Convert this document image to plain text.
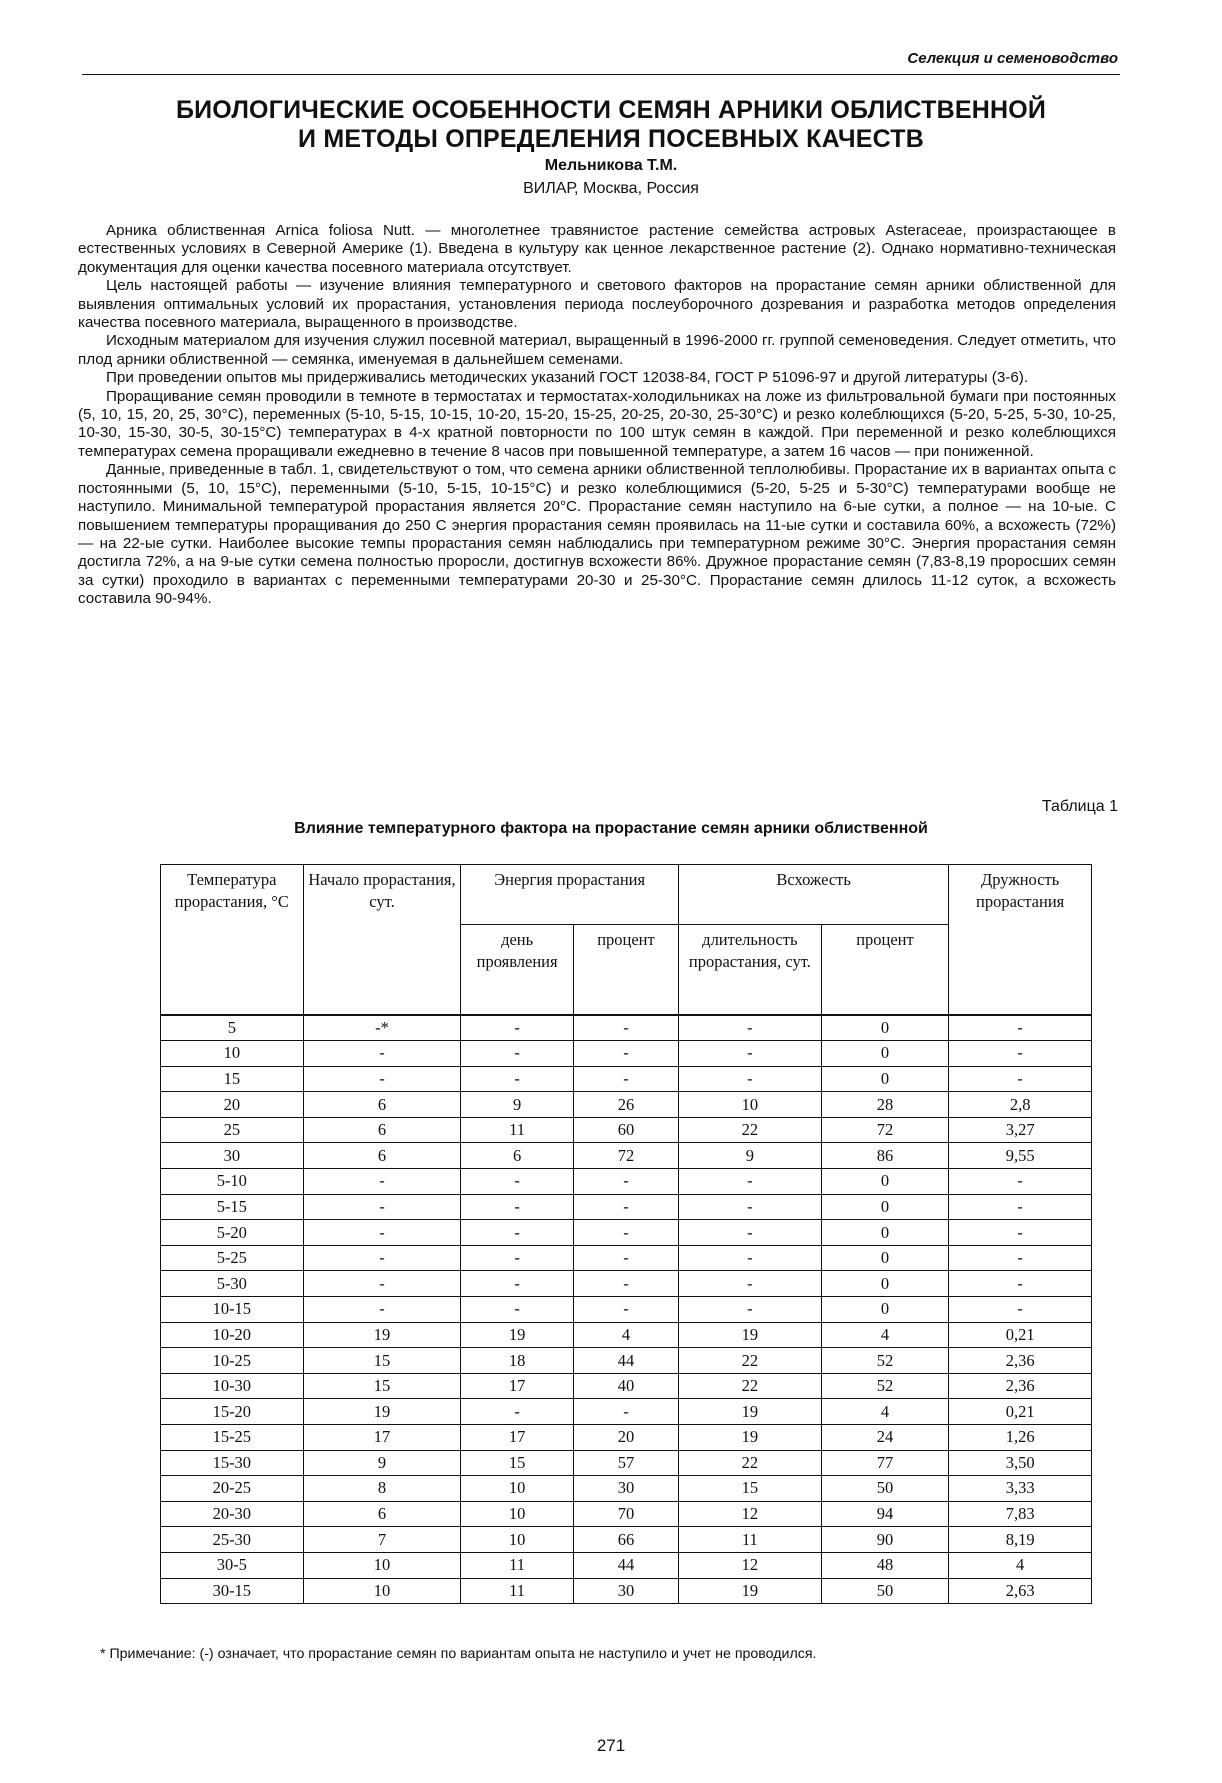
Селекция и семеноводство
БИОЛОГИЧЕСКИЕ ОСОБЕННОСТИ СЕМЯН АРНИКИ ОБЛИСТВЕННОЙ
И МЕТОДЫ ОПРЕДЕЛЕНИЯ ПОСЕВНЫХ КАЧЕСТВ
Мельникова Т.М.
ВИЛАР, Москва, Россия

Арника облиственная Arnica foliosa Nutt. — многолетнее травянистое растение семейства астровых Asteraceae, произрастающее в естественных условиях в Северной Америке (1). Введена в культуру как ценное лекарственное растение (2). Однако нормативно-техническая документация для оценки качества посевного материала отсутствует.

Цель настоящей работы — изучение влияния температурного и светового факторов на прорастание семян арники облиственной для выявления оптимальных условий их прорастания, установления периода послеуборочного дозревания и разработка методов определения качества посевного материала, выращенного в производстве.

Исходным материалом для изучения служил посевной материал, выращенный в 1996-2000 гг. группой семеноведения. Следует отметить, что плод арники облиственной — семянка, именуемая в дальнейшем семенами.

При проведении опытов мы придерживались методических указаний ГОСТ 12038-84, ГОСТ Р 51096-97 и другой литературы (3-6).

Проращивание семян проводили в темноте в термостатах и термостатах-холодильниках на ложе из фильтровальной бумаги при постоянных (5, 10, 15, 20, 25, 30°С), переменных (5-10, 5-15, 10-15, 10-20, 15-20, 15-25, 20-25, 20-30, 25-30°С) и резко колеблющихся (5-20, 5-25, 5-30, 10-25, 10-30, 15-30, 30-5, 30-15°С) температурах в 4-х кратной повторности по 100 штук семян в каждой. При переменной и резко колеблющихся температурах семена проращивали ежедневно в течение 8 часов при повышенной температуре, а затем 16 часов — при пониженной.

Данные, приведенные в табл. 1, свидетельствуют о том, что семена арники облиственной теплолюбивы. Прорастание их в вариантах опыта с постоянными (5, 10, 15°С), переменными (5-10, 5-15, 10-15°С) и резко колеблющимися (5-20, 5-25 и 5-30°С) температурами вообще не наступило. Минимальной температурой прорастания является 20°С. Прорастание семян наступило на 6-ые сутки, а полное — на 10-ые. С повышением температуры проращивания до 250 С энергия прорастания семян проявилась на 11-ые сутки и составила 60%, а всхожесть (72%) — на 22-ые сутки. Наиболее высокие темпы прорастания семян наблюдались при температурном режиме 30°С. Энергия прорастания семян достигла 72%, а на 9-ые сутки семена полностью проросли, достигнув всхожести 86%. Дружное прорастание семян (7,83-8,19 проросших семян за сутки) проходило в вариантах с переменными температурами 20-30 и 25-30°С. Прорастание семян длилось 11-12 суток, а всхожесть составила 90-94%.

Таблица 1
Влияние температурного фактора на прорастание семян арники облиственной
Температура прорастания, °С	Начало прорастания, сут.	Энергия прорастания		Всхожесть		Дружность прорастания
		день проявления	процент	длительность прорастания, сут.	процент	
5	-*	-	-	-	0	-
10	-	-	-	-	0	-
15	-	-	-	-	0	-
20	6	9	26	10	28	2,8
25	6	11	60	22	72	3,27
30	6	6	72	9	86	9,55
5-10	-	-	-	-	0	-
5-15	-	-	-	-	0	-
5-20	-	-	-	-	0	-
5-25	-	-	-	-	0	-
5-30	-	-	-	-	0	-
10-15	-	-	-	-	0	-
10-20	19	19	4	19	4	0,21
10-25	15	18	44	22	52	2,36
10-30	15	17	40	22	52	2,36
15-20	19	-	-	19	4	0,21
15-25	17	17	20	19	24	1,26
15-30	9	15	57	22	77	3,50
20-25	8	10	30	15	50	3,33
20-30	6	10	70	12	94	7,83
25-30	7	10	66	11	90	8,19
30-5	10	11	44	12	48	4
30-15	10	11	30	19	50	2,63
* Примечание: (-) означает, что прорастание семян по вариантам опыта не наступило и учет не проводился.
271
